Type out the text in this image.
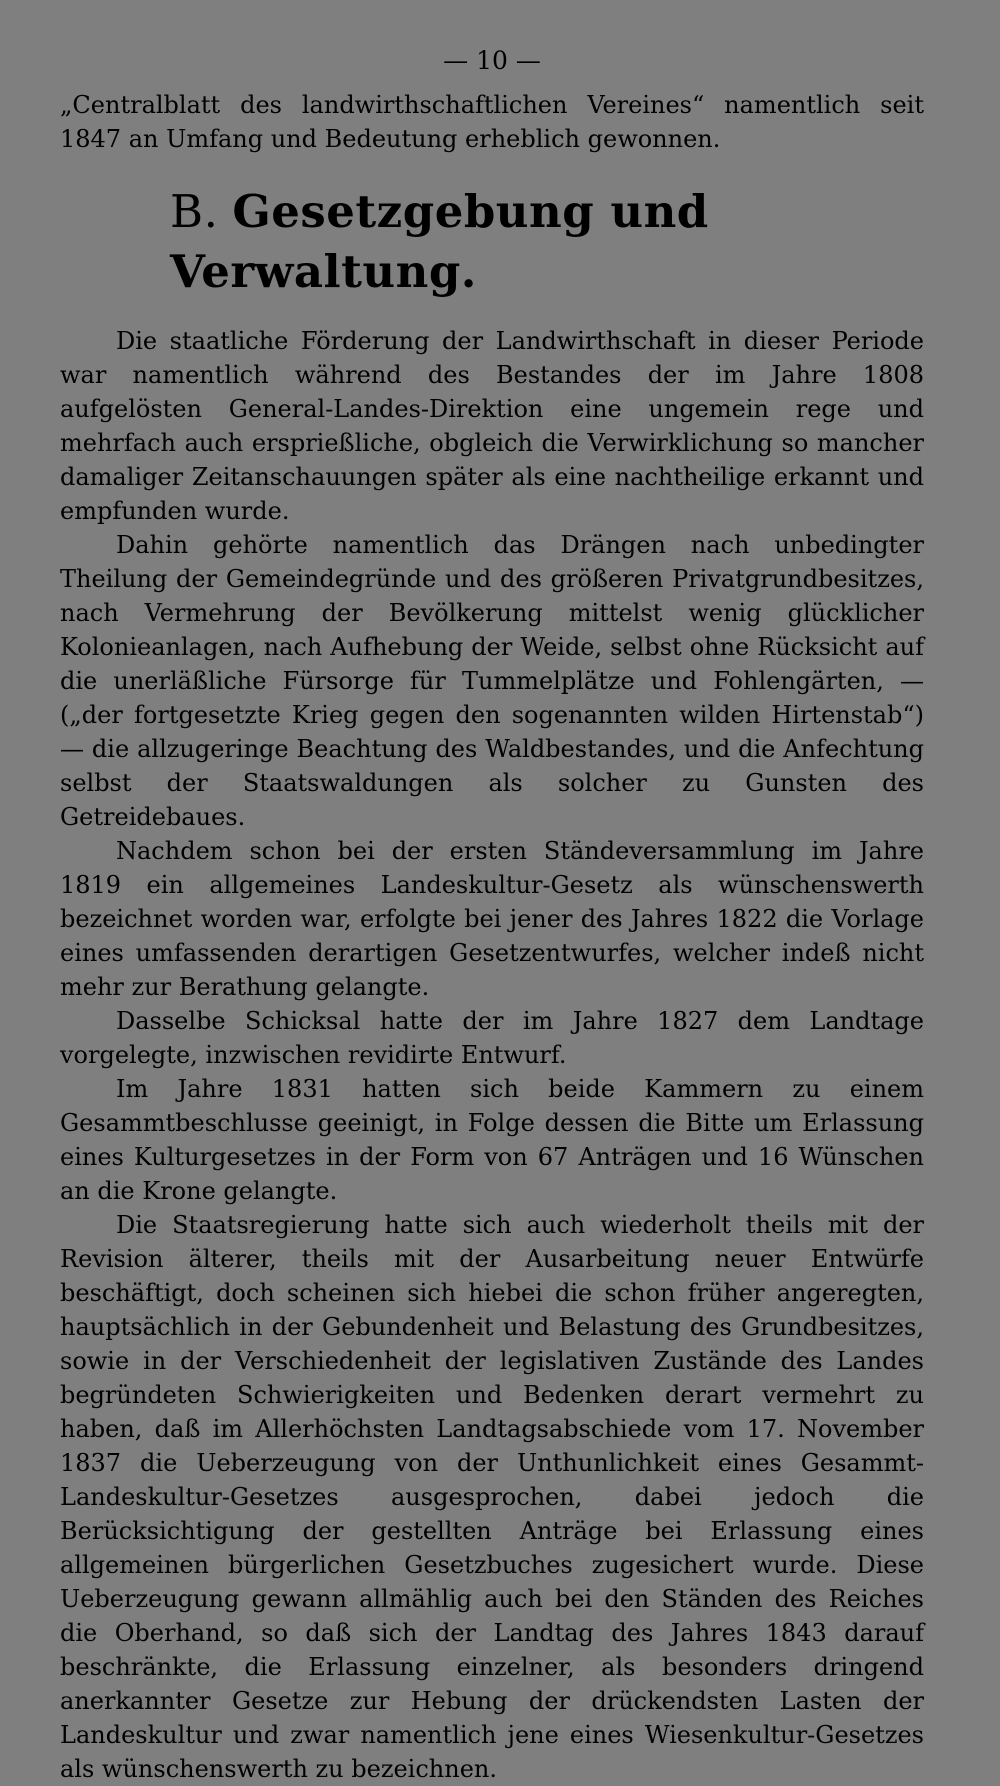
— 10 —

„Centralblatt des landwirthschaftlichen Vereines“ namentlich seit 1847 an Umfang und Bedeutung erheblich gewonnen.

B. Gesetzgebung und Verwaltung.

Die staatliche Förderung der Landwirthschaft in dieser Periode war namentlich während des Bestandes der im Jahre 1808 aufgelösten General-Landes-Direktion eine ungemein rege und mehrfach auch ersprießliche, obgleich die Verwirklichung so mancher damaliger Zeitanschauungen später als eine nachtheilige erkannt und empfunden wurde.

Dahin gehörte namentlich das Drängen nach unbedingter Theilung der Gemeindegründe und des größeren Privatgrundbesitzes, nach Vermehrung der Bevölkerung mittelst wenig glücklicher Kolonieanlagen, nach Aufhebung der Weide, selbst ohne Rücksicht auf die unerläßliche Fürsorge für Tummelplätze und Fohlengärten, — („der fortgesetzte Krieg gegen den sogenannten wilden Hirtenstab“) — die allzugeringe Beachtung des Waldbestandes, und die Anfechtung selbst der Staatswaldungen als solcher zu Gunsten des Getreidebaues.

Nachdem schon bei der ersten Ständeversammlung im Jahre 1819 ein allgemeines Landeskultur-Gesetz als wünschenswerth bezeichnet worden war, erfolgte bei jener des Jahres 1822 die Vorlage eines umfassenden derartigen Gesetzentwurfes, welcher indeß nicht mehr zur Berathung gelangte.

Dasselbe Schicksal hatte der im Jahre 1827 dem Landtage vorgelegte, inzwischen revidirte Entwurf.

Im Jahre 1831 hatten sich beide Kammern zu einem Gesammtbeschlusse geeinigt, in Folge dessen die Bitte um Erlassung eines Kulturgesetzes in der Form von 67 Anträgen und 16 Wünschen an die Krone gelangte.

Die Staatsregierung hatte sich auch wiederholt theils mit der Revision älterer, theils mit der Ausarbeitung neuer Entwürfe beschäftigt, doch scheinen sich hiebei die schon früher angeregten, hauptsächlich in der Gebundenheit und Belastung des Grundbesitzes, sowie in der Verschiedenheit der legislativen Zustände des Landes begründeten Schwierigkeiten und Bedenken derart vermehrt zu haben, daß im Allerhöchsten Landtagsabschiede vom 17. November 1837 die Ueberzeugung von der Unthunlichkeit eines Gesammt-Landeskultur-Gesetzes ausgesprochen, dabei jedoch die Berücksichtigung der gestellten Anträge bei Erlassung eines allgemeinen bürgerlichen Gesetzbuches zugesichert wurde. Diese Ueberzeugung gewann allmählig auch bei den Ständen des Reiches die Oberhand, so daß sich der Landtag des Jahres 1843 darauf beschränkte, die Erlassung einzelner, als besonders dringend anerkannter Gesetze zur Hebung der drückendsten Lasten der Landeskultur und zwar namentlich jene eines Wiesenkultur-Gesetzes als wünschenswerth zu bezeichnen.
